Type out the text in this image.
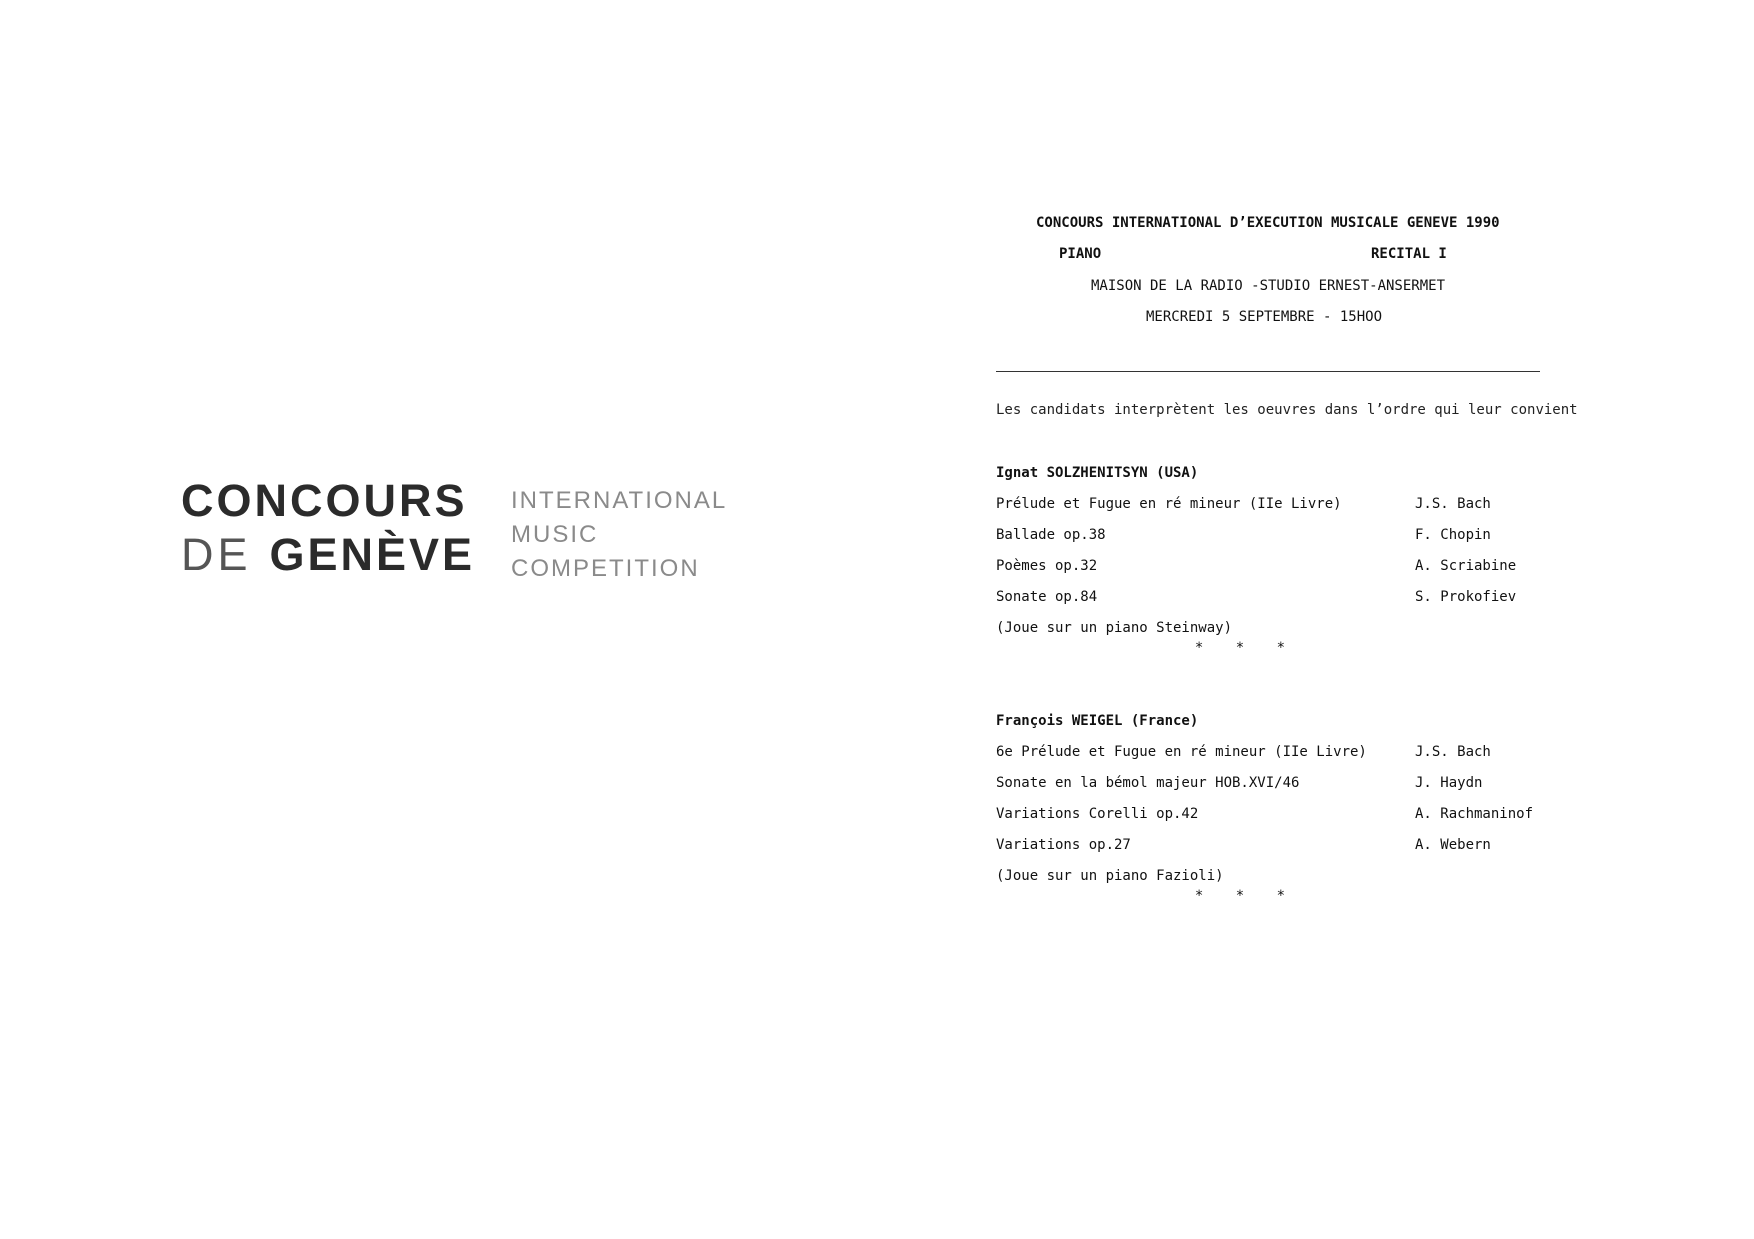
CONCOURS
DE GENÈVE
INTERNATIONAL
MUSIC
COMPETITION
CONCOURS INTERNATIONAL D’EXECUTION MUSICALE GENEVE 1990
PIANO	RECITAL I
MAISON DE LA RADIO -STUDIO ERNEST-ANSERMET
MERCREDI 5 SEPTEMBRE - 15HOO
Les candidats interprètent les oeuvres dans l’ordre qui leur convient
Ignat SOLZHENITSYN (USA)
Prélude et Fugue en ré mineur (IIe Livre)	J.S. Bach
Ballade op.38	F. Chopin
Poèmes op.32	A. Scriabine
Sonate op.84	S. Prokofiev
(Joue sur un piano Steinway)
* * *
François WEIGEL (France)
6e Prélude et Fugue en ré mineur (IIe Livre)	J.S. Bach
Sonate en la bémol majeur HOB.XVI/46	J. Haydn
Variations Corelli op.42	A. Rachmaninof
Variations op.27	A. Webern
(Joue sur un piano Fazioli)
* * *
